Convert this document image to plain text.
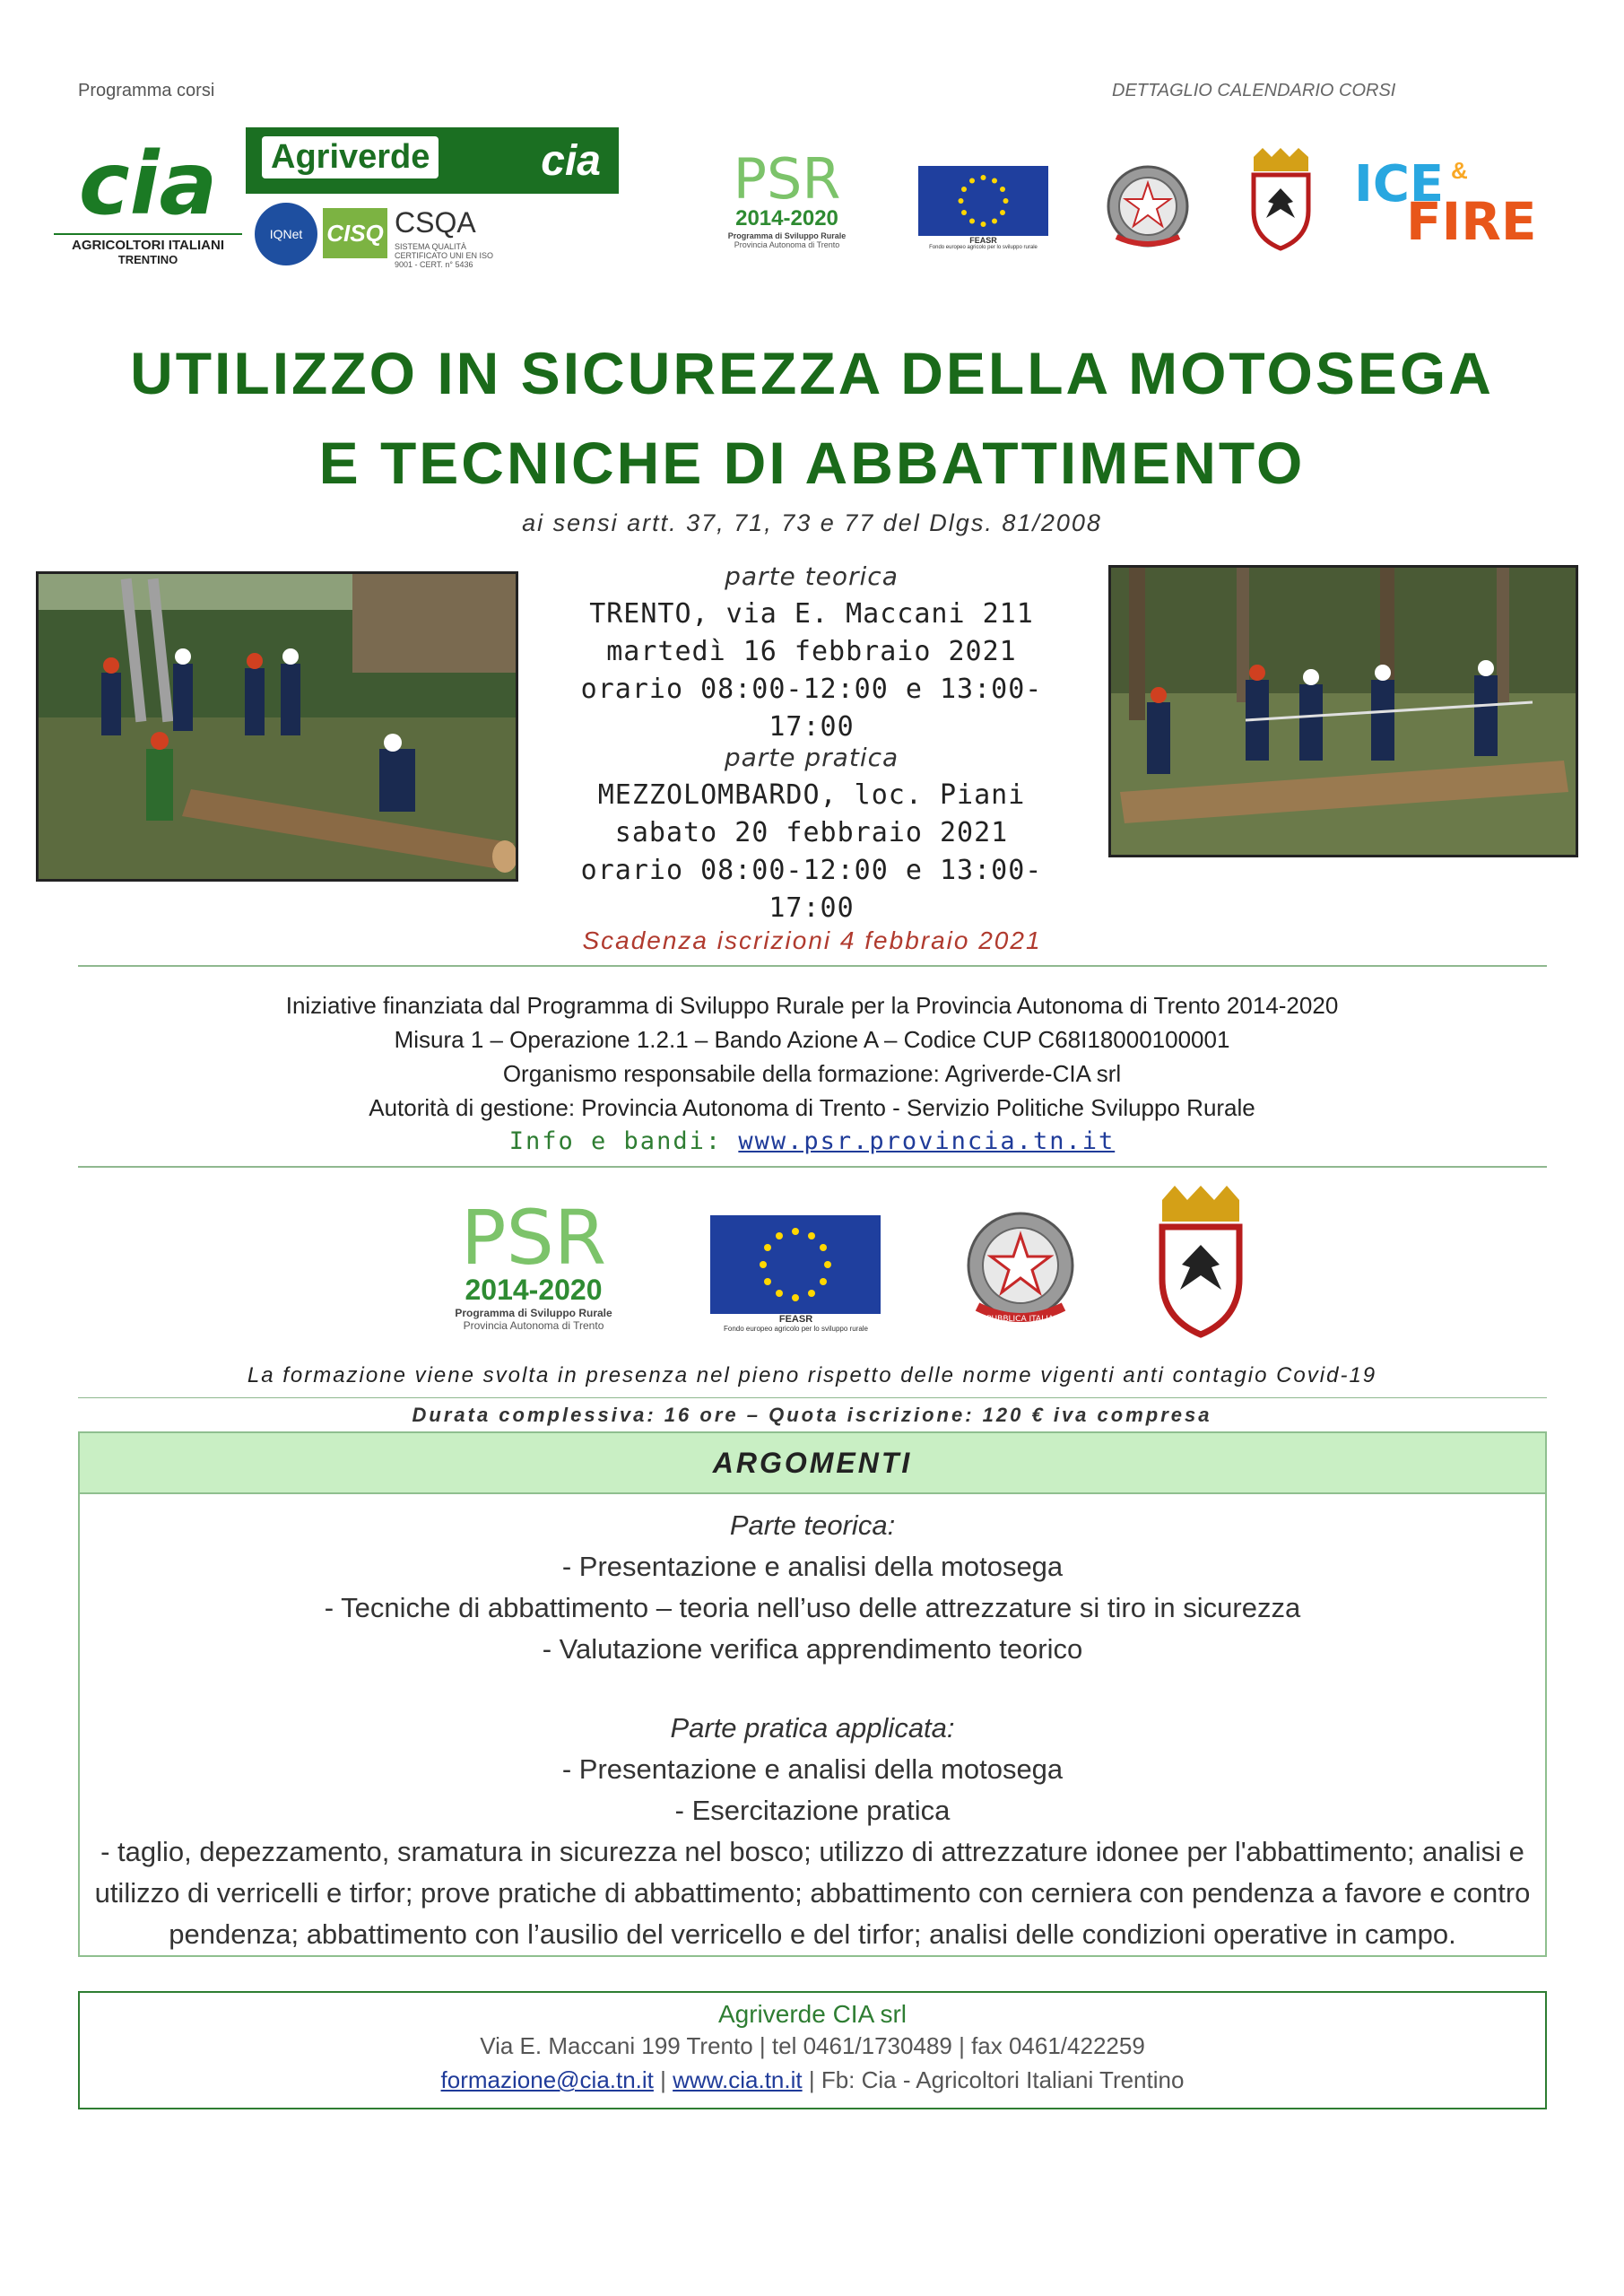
Programma corsi	DETTAGLIO CALENDARIO CORSI
cia
AGRICOLTORI ITALIANI
TRENTINO
Agriverde	cia
IQNet	CISQ CSQA
SISTEMA QUALITÀ CERTIFICATO UNI EN ISO 9001 - CERT. n° 5436
PSR
2014-2020
Programma di Sviluppo Rurale
Provincia Autonoma di Trento	FEASR
Fondo europeo agricolo per lo sviluppo rurale
ICE &
FIRE
UTILIZZO IN SICUREZZA DELLA MOTOSEGA
E TECNICHE DI ABBATTIMENTO
ai sensi artt. 37, 71, 73 e 77 del Dlgs. 81/2008
parte teorica
TRENTO, via E. Maccani 211
martedì 16 febbraio 2021
orario 08:00-12:00 e 13:00-17:00
parte pratica
MEZZOLOMBARDO, loc. Piani
sabato 20 febbraio 2021
orario 08:00-12:00 e 13:00-17:00
Scadenza iscrizioni 4 febbraio 2021
Iniziative finanziata dal Programma di Sviluppo Rurale per la Provincia Autonoma di Trento 2014-2020
Misura 1 – Operazione 1.2.1 – Bando Azione A – Codice CUP C68I18000100001
Organismo responsabile della formazione: Agriverde-CIA srl
Autorità di gestione: Provincia Autonoma di Trento - Servizio Politiche Sviluppo Rurale
Info e bandi: www.psr.provincia.tn.it
PSR
2014-2020
Programma di Sviluppo Rurale
Provincia Autonoma di Trento	FEASR
Fondo europeo agricolo per lo sviluppo rurale
REPUBBLICA ITALIANA
La formazione viene svolta in presenza nel pieno rispetto delle norme vigenti anti contagio Covid-19
Durata complessiva: 16 ore – Quota iscrizione: 120 € iva compresa
ARGOMENTI
Parte teorica:
- Presentazione e analisi della motosega
- Tecniche di abbattimento – teoria nell’uso delle attrezzature si tiro in sicurezza
- Valutazione verifica apprendimento teorico
Parte pratica applicata:
- Presentazione e analisi della motosega
- Esercitazione pratica
- taglio, depezzamento, sramatura in sicurezza nel bosco; utilizzo di attrezzature idonee per l'abbattimento; analisi e
utilizzo di verricelli e tirfor; prove pratiche di abbattimento; abbattimento con cerniera con pendenza a favore e contro
pendenza; abbattimento con l’ausilio del verricello e del tirfor; analisi delle condizioni operative in campo.
Agriverde CIA srl
Via E. Maccani 199 Trento | tel 0461/1730489 | fax 0461/422259
formazione@cia.tn.it | www.cia.tn.it | Fb: Cia - Agricoltori Italiani Trentino
